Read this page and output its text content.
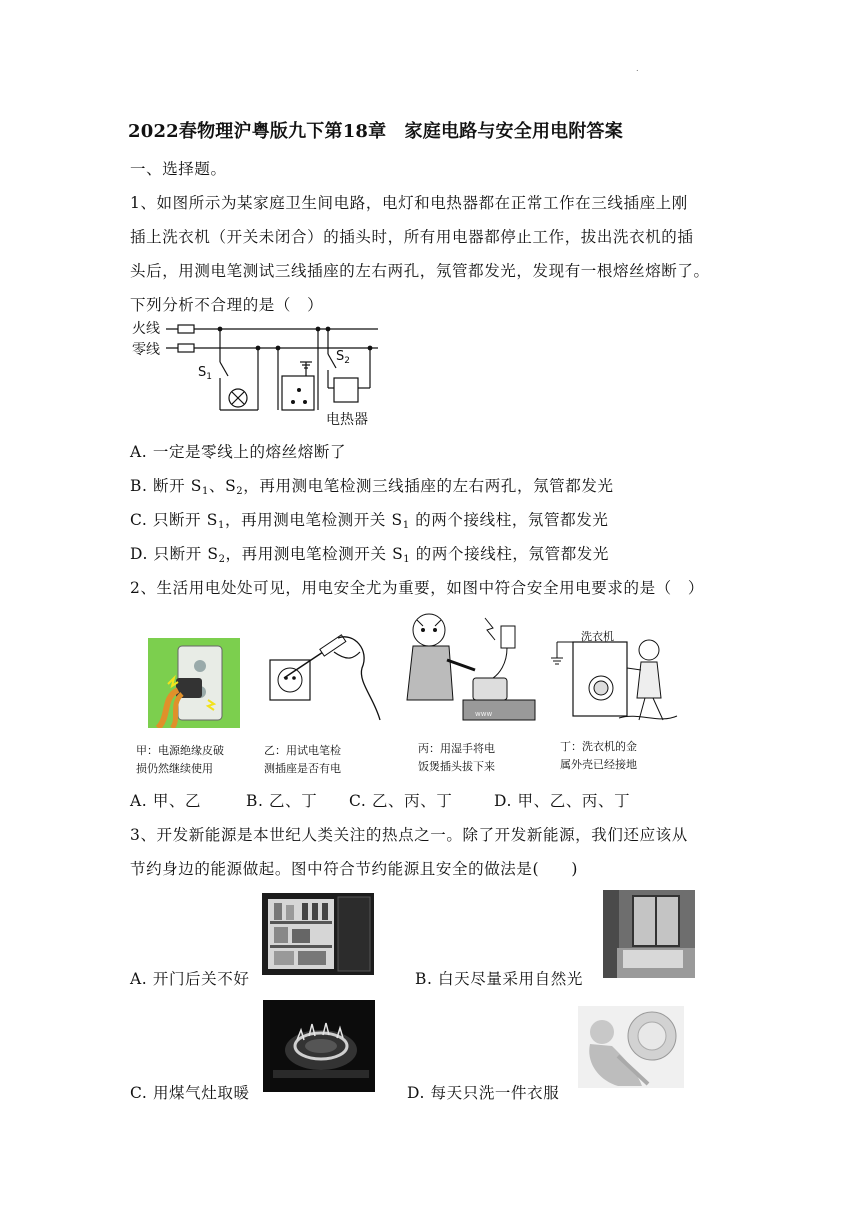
.
2022春物理沪粤版九下第18章　家庭电路与安全用电附答案
一、选择题。
1、如图所示为某家庭卫生间电路，电灯和电热器都在正常工作在三线插座上刚
插上洗衣机（开关未闭合）的插头时，所有用电器都停止工作，拔出洗衣机的插
头后，用测电笔测试三线插座的左右两孔，氖管都发光，发现有一根熔丝熔断了。
下列分析不合理的是（　）
火线
零线
$S_1$
$S_2$
电热器
A. 一定是零线上的熔丝熔断了
B. 断开 $S_1$、$S_2$，再用测电笔检测三线插座的左右两孔，氖管都发光
C. 只断开 $S_1$，再用测电笔检测开关 $S_1$ 的两个接线柱，氖管都发光
D. 只断开 $S_2$，再用测电笔检测开关 $S_1$ 的两个接线柱，氖管都发光
2、生活用电处处可见，用电安全尤为重要，如图中符合安全用电要求的是（　）
www
洗衣机
甲：电源绝缘皮破
损仍然继续使用
乙：用试电笔检
测插座是否有电
丙：用湿手将电
饭煲插头拔下来
丁：洗衣机的金
属外壳已经接地
A. 甲、乙	B. 乙、丁 C. 乙、丙、丁	D. 甲、乙、丙、丁
3、开发新能源是本世纪人类关注的热点之一。除了开发新能源，我们还应该从
节约身边的能源做起。图中符合节约能源且安全的做法是(　　)
A. 开门后关不好	B. 白天尽量采用自然光
C. 用煤气灶取暖	D. 每天只洗一件衣服
